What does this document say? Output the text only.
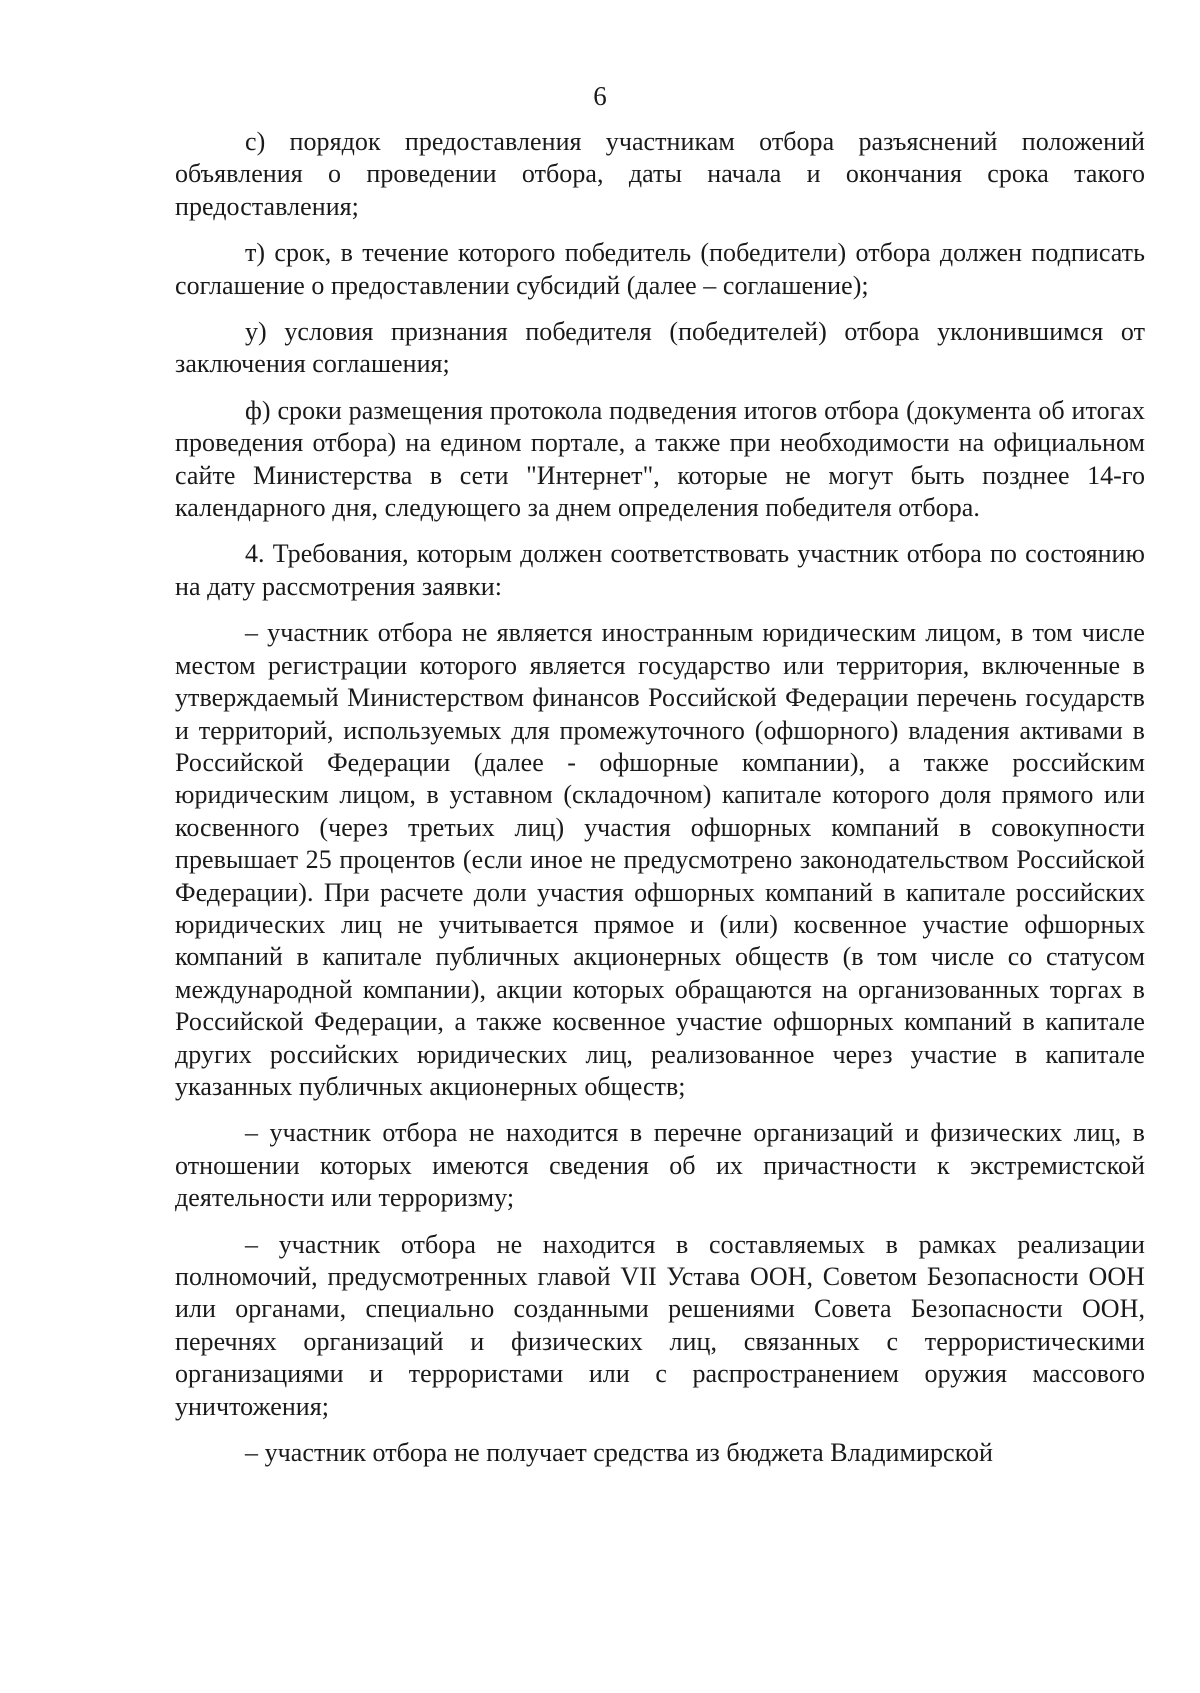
6

с) порядок предоставления участникам отбора разъяснений положений объявления о проведении отбора, даты начала и окончания срока такого предоставления;

т) срок, в течение которого победитель (победители) отбора должен подписать соглашение о предоставлении субсидий (далее – соглашение);

у) условия признания победителя (победителей) отбора уклонившимся от заключения соглашения;

ф) сроки размещения протокола подведения итогов отбора (документа об итогах проведения отбора) на едином портале, а также при необходимости на официальном сайте Министерства в сети "Интернет", которые не могут быть позднее 14-го календарного дня, следующего за днем определения победителя отбора.

4. Требования, которым должен соответствовать участник отбора по состоянию на дату рассмотрения заявки:

– участник отбора не является иностранным юридическим лицом, в том числе местом регистрации которого является государство или территория, включенные в утверждаемый Министерством финансов Российской Федерации перечень государств и территорий, используемых для промежуточного (офшорного) владения активами в Российской Федерации (далее - офшорные компании), а также российским юридическим лицом, в уставном (складочном) капитале которого доля прямого или косвенного (через третьих лиц) участия офшорных компаний в совокупности превышает 25 процентов (если иное не предусмотрено законодательством Российской Федерации). При расчете доли участия офшорных компаний в капитале российских юридических лиц не учитывается прямое и (или) косвенное участие офшорных компаний в капитале публичных акционерных обществ (в том числе со статусом международной компании), акции которых обращаются на организованных торгах в Российской Федерации, а также косвенное участие офшорных компаний в капитале других российских юридических лиц, реализованное через участие в капитале указанных публичных акционерных обществ;

– участник отбора не находится в перечне организаций и физических лиц, в отношении которых имеются сведения об их причастности к экстремистской деятельности или терроризму;

– участник отбора не находится в составляемых в рамках реализации полномочий, предусмотренных главой VII Устава ООН, Советом Безопасности ООН или органами, специально созданными решениями Совета Безопасности ООН, перечнях организаций и физических лиц, связанных с террористическими организациями и террористами или с распространением оружия массового уничтожения;

– участник отбора не получает средства из бюджета Владимирской
